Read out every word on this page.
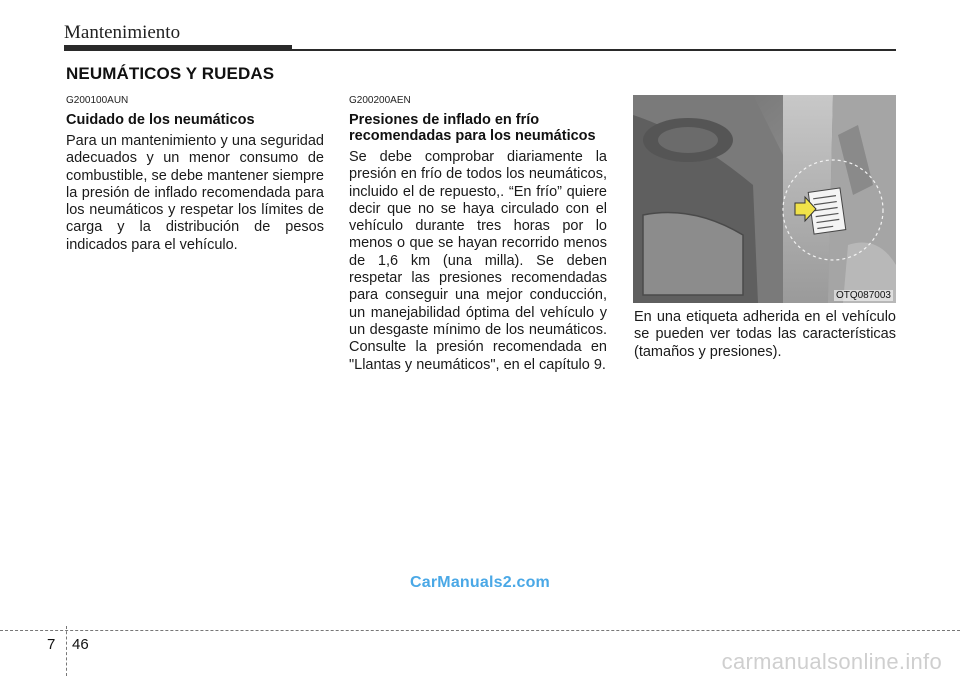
Mantenimiento
NEUMÁTICOS Y RUEDAS
G200100AUN
Cuidado de los neumáticos
Para un mantenimiento y una seguridad adecuados y un menor consumo de combustible, se debe mantener siempre la presión de inflado recomendada para los neumáticos y respetar los límites de carga y la distribución de pesos indicados para el vehículo.
G200200AEN
Presiones de inflado en frío recomendadas para los neumáticos
Se debe comprobar diariamente la presión en frío de todos los neumáticos, incluido el de repuesto,. “En frío” quiere decir que no se haya circulado con el vehículo durante tres horas por lo menos o que se hayan recorrido menos de 1,6 km (una milla). Se deben respetar las presiones recomendadas para conseguir una mejor conducción, un manejabilidad óptima del vehículo y un desgaste mínimo de los neumáticos. Consulte la presión recomendada en "Llantas y neumáticos", en el capítulo 9.
OTQ087003
En una etiqueta adherida en el vehículo se pueden ver todas las características (tamaños y presiones).
CarManuals2.com
7 46
carmanualsonline.info
